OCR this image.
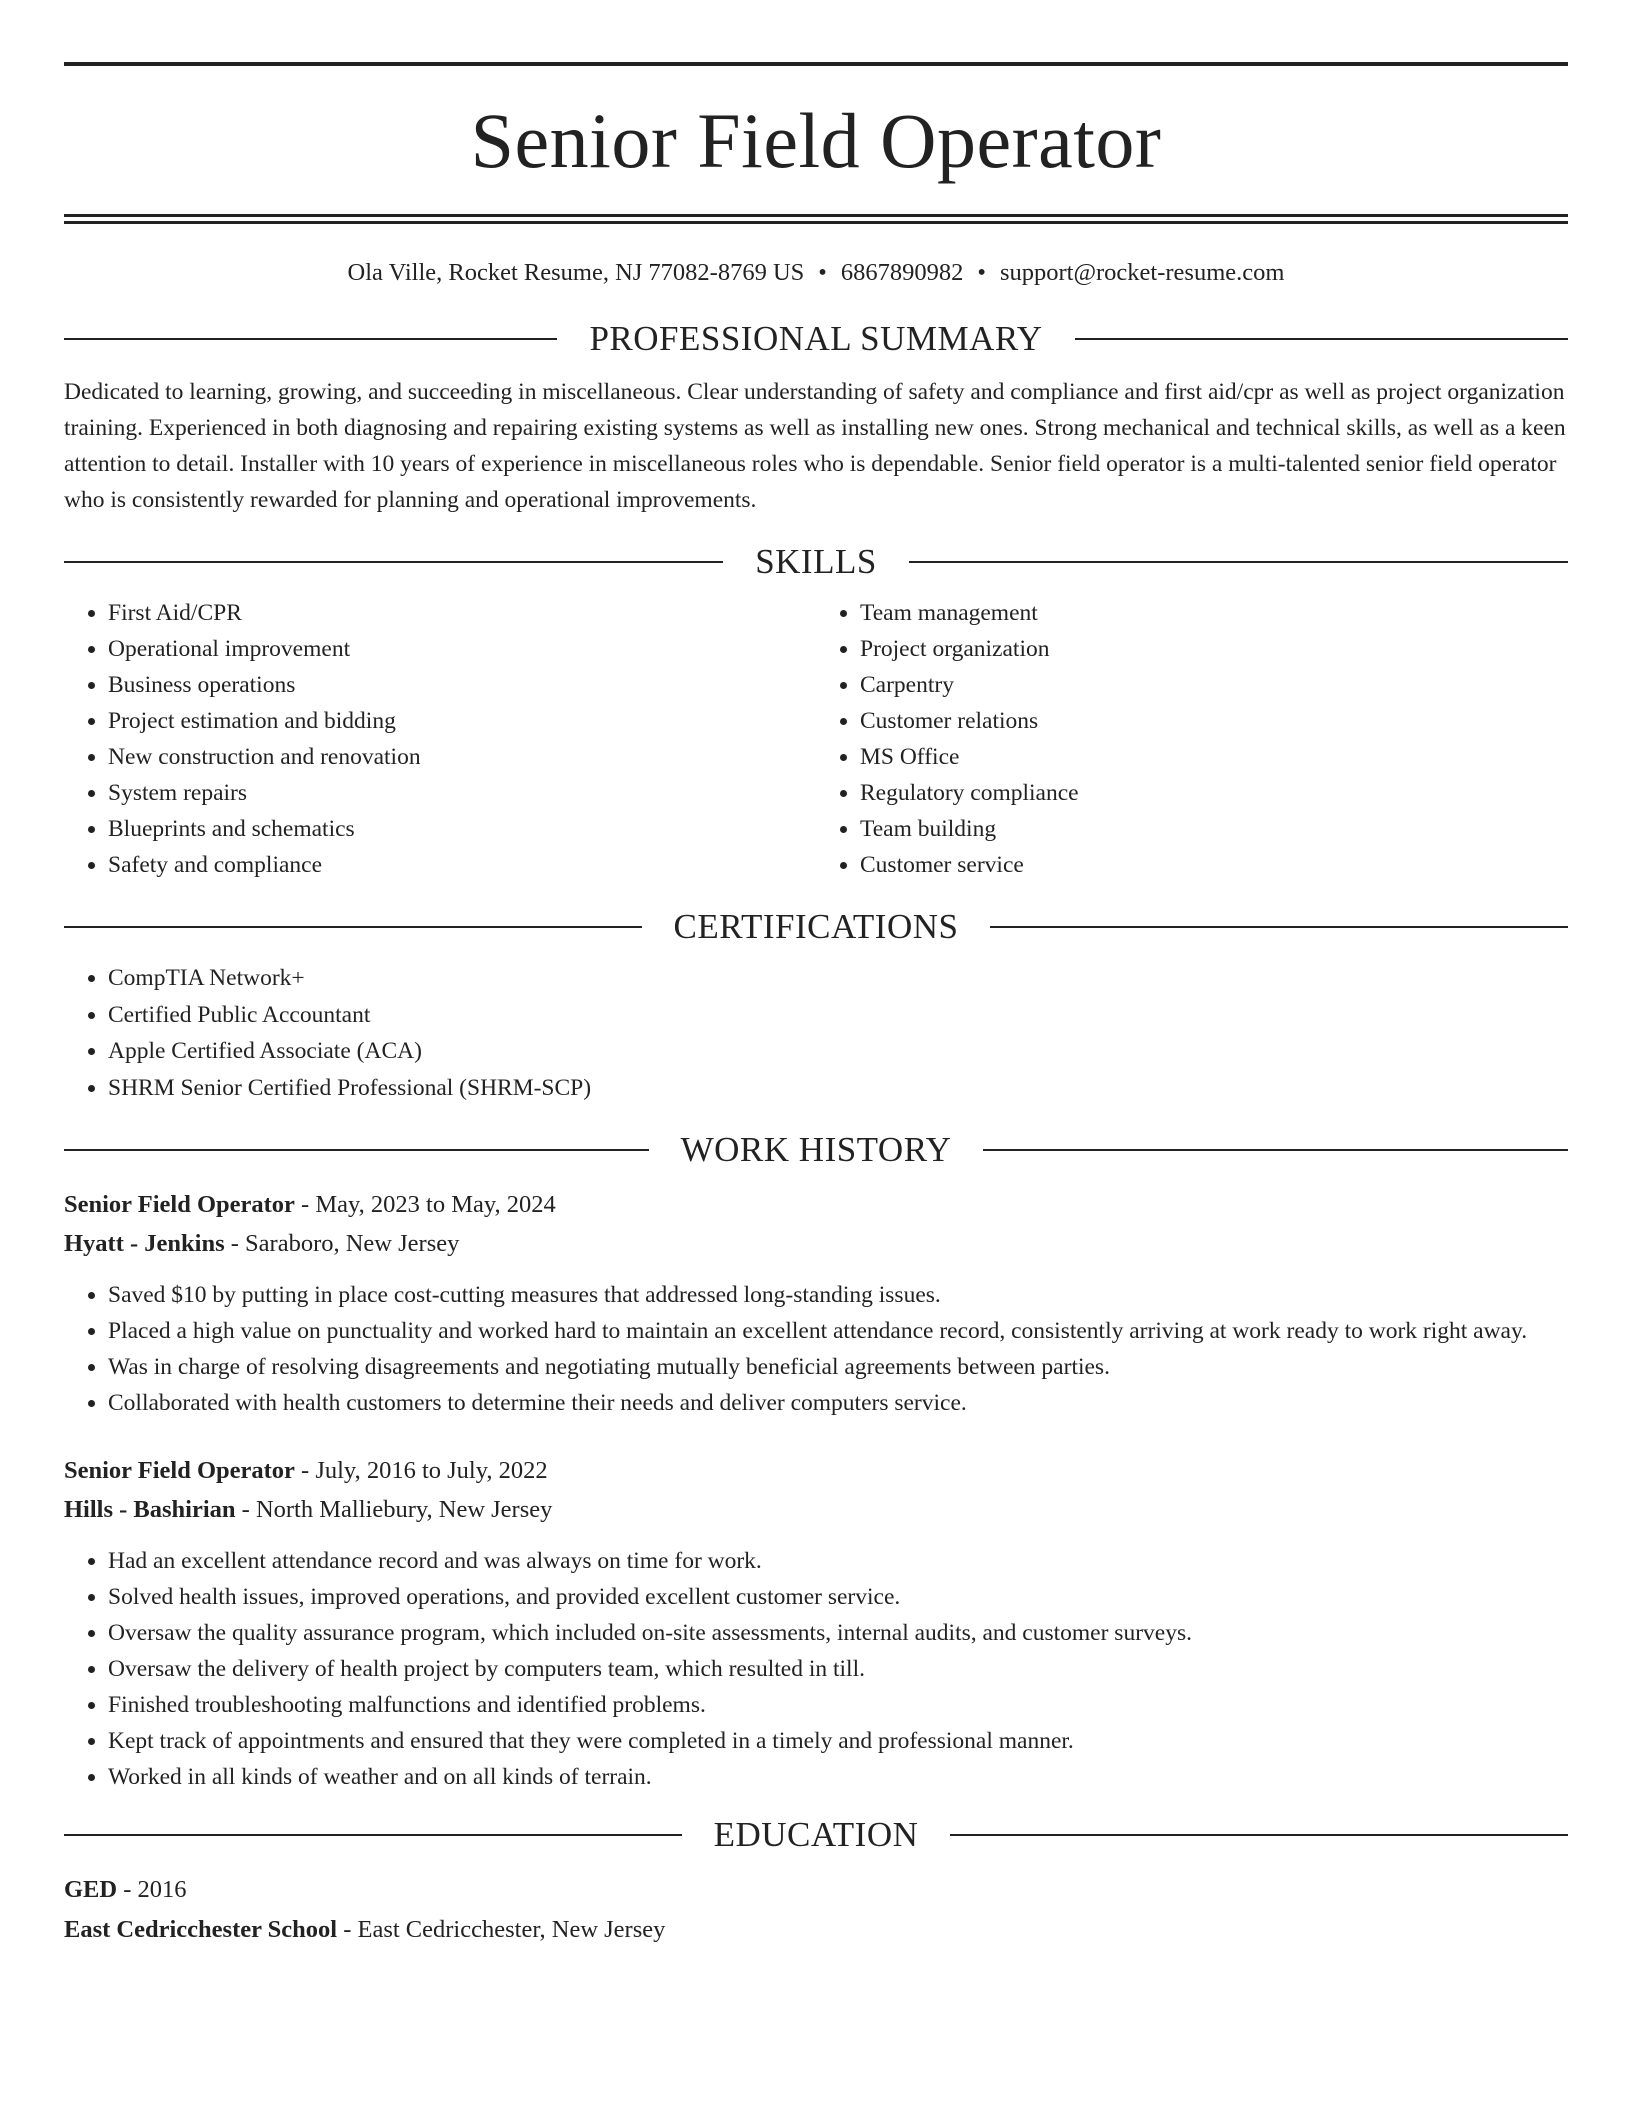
Senior Field Operator
Ola Ville, Rocket Resume, NJ 77082-8769 US • 6867890982 • support@rocket-resume.com
PROFESSIONAL SUMMARY

Dedicated to learning, growing, and succeeding in miscellaneous. Clear understanding of safety and compliance and first aid/cpr as well as project organization training. Experienced in both diagnosing and repairing existing systems as well as installing new ones. Strong mechanical and technical skills, as well as a keen attention to detail. Installer with 10 years of experience in miscellaneous roles who is dependable. Senior field operator is a multi-talented senior field operator who is consistently rewarded for planning and operational improvements.

SKILLS
• First Aid/CPR
• Operational improvement
• Business operations
• Project estimation and bidding
• New construction and renovation
• System repairs
• Blueprints and schematics
• Safety and compliance
• Team management
• Project organization
• Carpentry
• Customer relations
• MS Office
• Regulatory compliance
• Team building
• Customer service
CERTIFICATIONS
• CompTIA Network+
• Certified Public Accountant
• Apple Certified Associate (ACA)
• SHRM Senior Certified Professional (SHRM-SCP)
WORK HISTORY
Senior Field Operator - May, 2023 to May, 2024
Hyatt - Jenkins - Saraboro, New Jersey
• Saved $10 by putting in place cost-cutting measures that addressed long-standing issues.
• Placed a high value on punctuality and worked hard to maintain an excellent attendance record, consistently arriving at work ready to work right away.
• Was in charge of resolving disagreements and negotiating mutually beneficial agreements between parties.
• Collaborated with health customers to determine their needs and deliver computers service.
Senior Field Operator - July, 2016 to July, 2022
Hills - Bashirian - North Malliebury, New Jersey
• Had an excellent attendance record and was always on time for work.
• Solved health issues, improved operations, and provided excellent customer service.
• Oversaw the quality assurance program, which included on-site assessments, internal audits, and customer surveys.
• Oversaw the delivery of health project by computers team, which resulted in till.
• Finished troubleshooting malfunctions and identified problems.
• Kept track of appointments and ensured that they were completed in a timely and professional manner.
• Worked in all kinds of weather and on all kinds of terrain.
EDUCATION
GED - 2016
East Cedricchester School - East Cedricchester, New Jersey
